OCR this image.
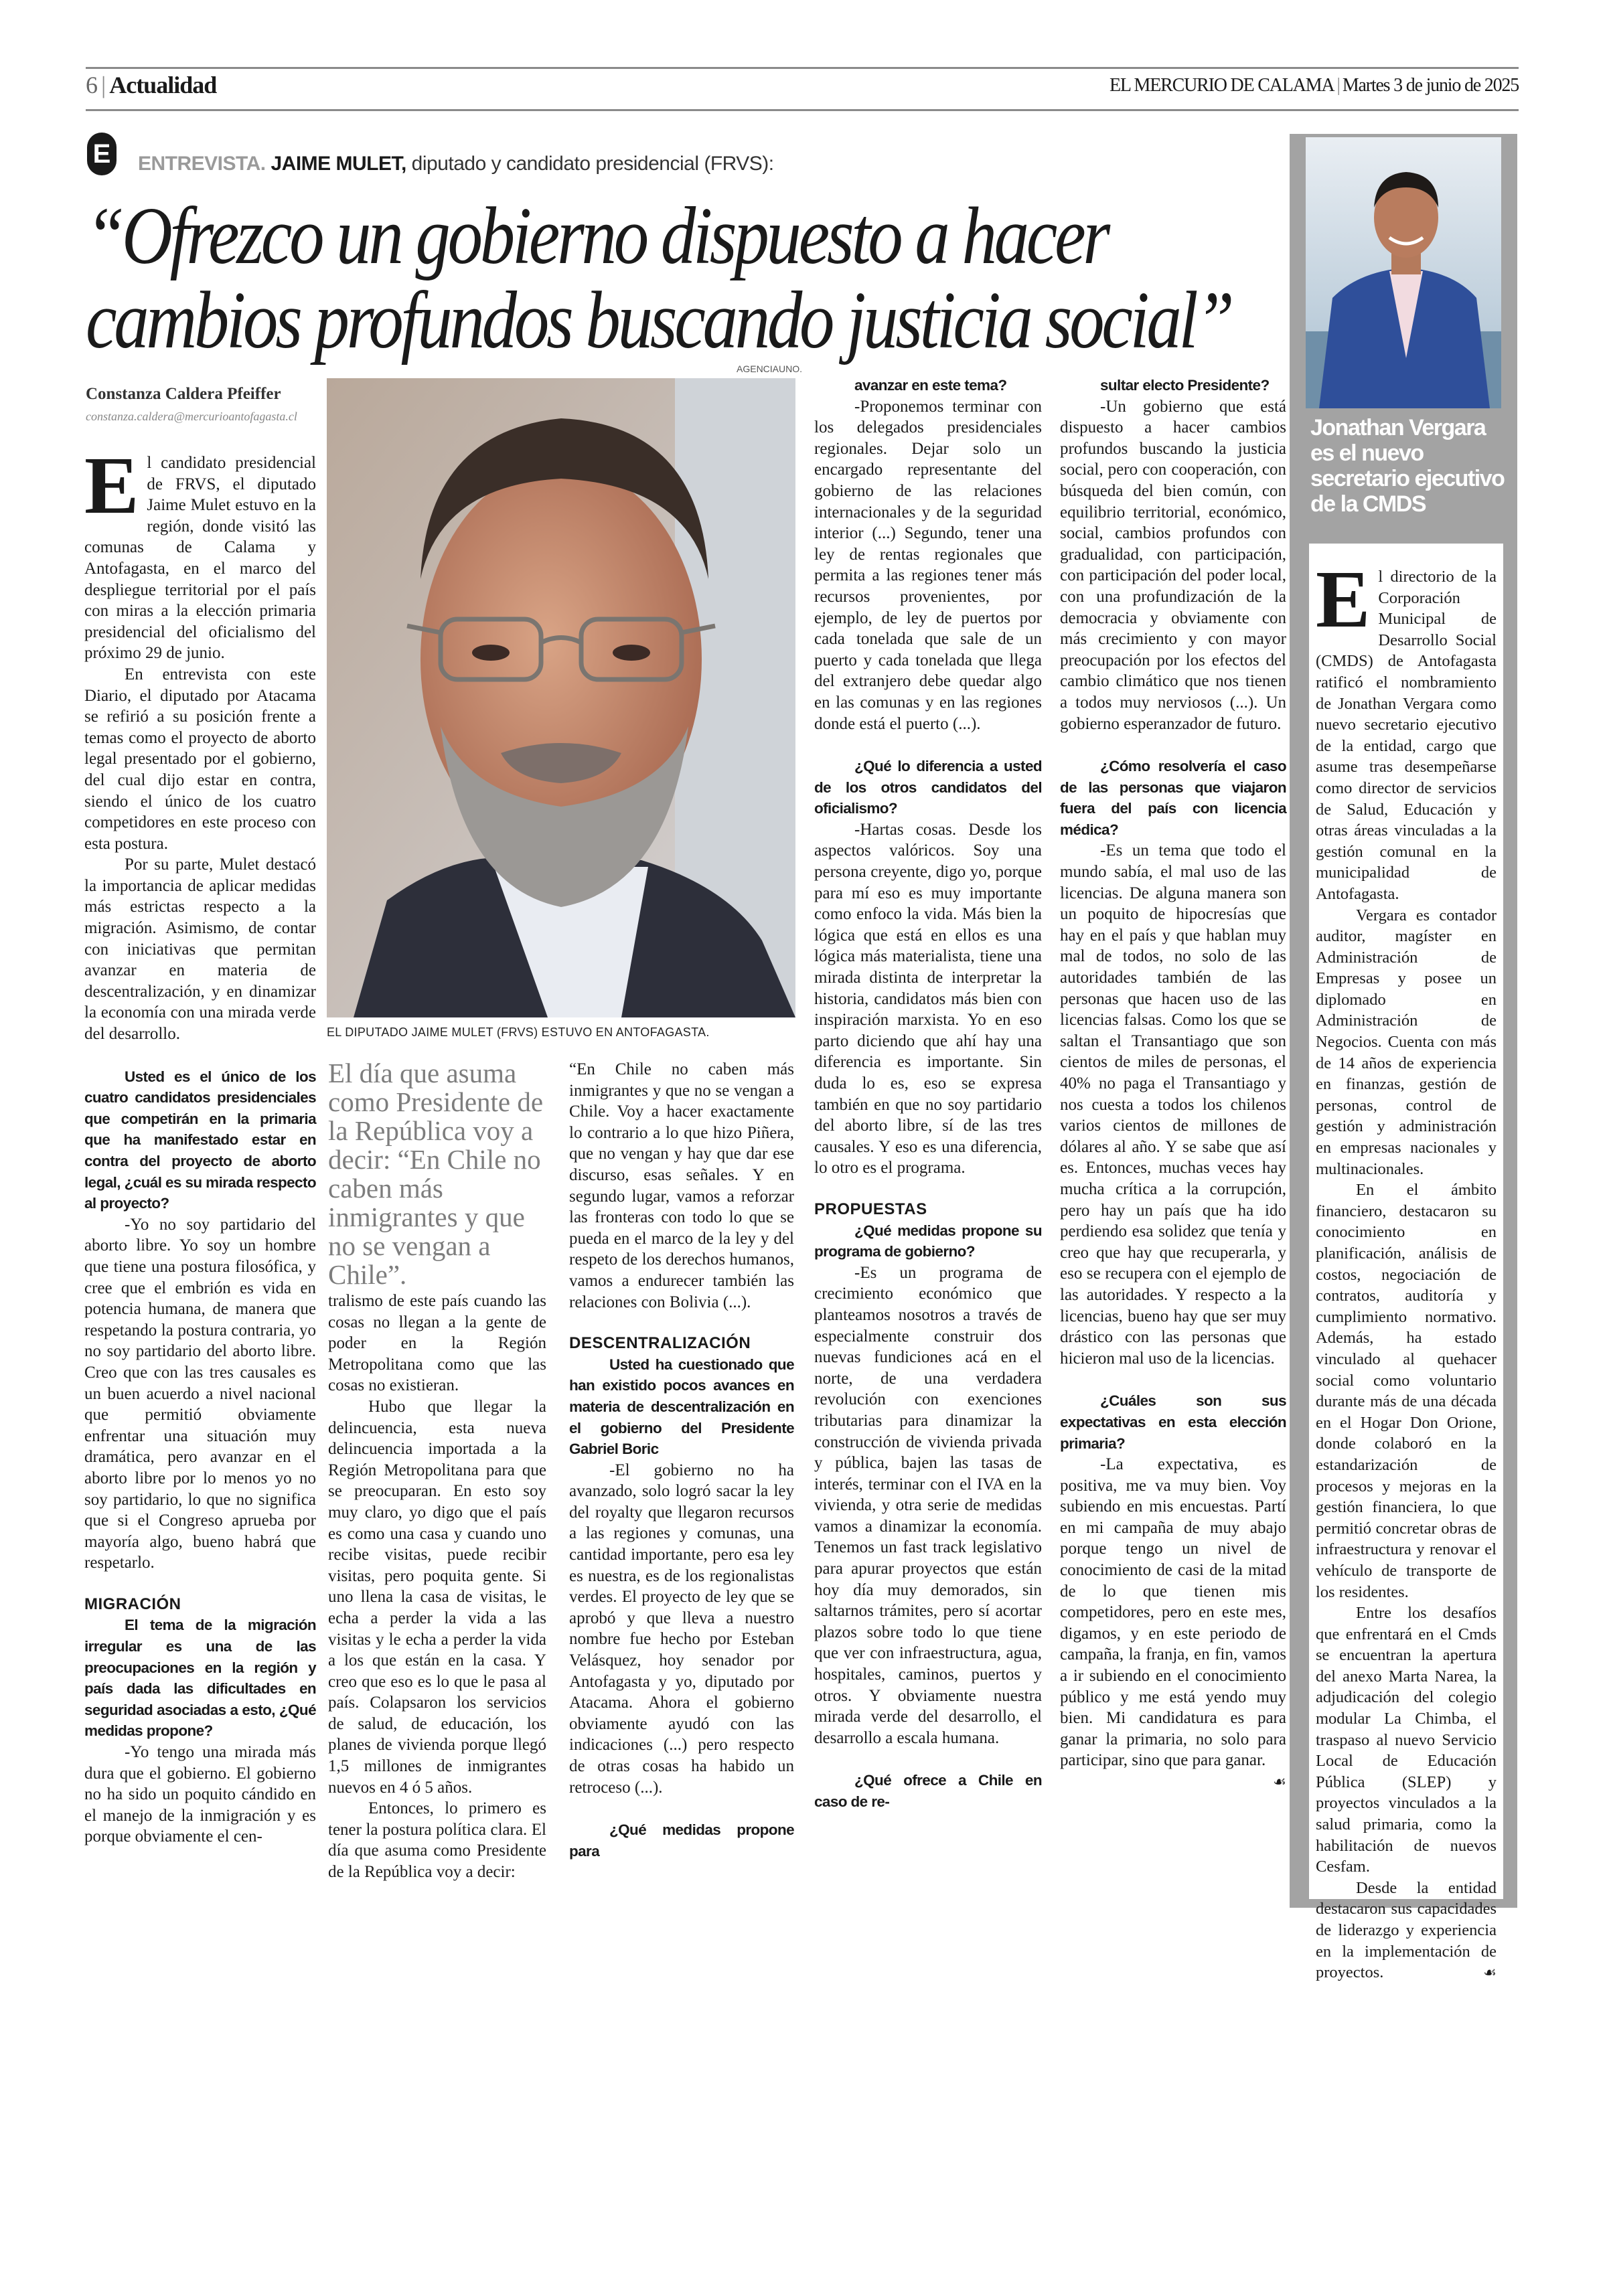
6 | Actualidad	EL MERCURIO DE CALAMA | Martes 3 de junio de 2025
E ENTREVISTA. JAIME MULET, diputado y candidato presidencial (FRVS):
“Ofrezco un gobierno dispuesto a hacer
cambios profundos buscando justicia social”
Constanza Caldera Pfeiffer
constanza.caldera@mercurioantofagasta.cl

El candidato presidencial de FRVS, el diputado Jaime Mulet estuvo en la región, donde visitó las comunas de Calama y Antofagasta, en el marco del despliegue territorial por el país con miras a la elección primaria presidencial del oficialismo del próximo 29 de junio.

En entrevista con este Diario, el diputado por Atacama se refirió a su posición frente a temas como el proyecto de aborto legal presentado por el gobierno, del cual dijo estar en contra, siendo el único de los cuatro competidores en este proceso con esta postura.

Por su parte, Mulet destacó la importancia de aplicar medidas más estrictas respecto a la migración. Asimismo, de contar con iniciativas que permitan avanzar en materia de descentralización, y en dinamizar la economía con una mirada verde del desarrollo.

Usted es el único de los cuatro candidatos presidenciales que competirán en la primaria que ha manifestado estar en contra del proyecto de aborto legal, ¿cuál es su mirada respecto al proyecto?

-Yo no soy partidario del aborto libre. Yo soy un hombre que tiene una postura filosófica, y cree que el embrión es vida en potencia humana, de manera que respetando la postura contraria, yo no soy partidario del aborto libre. Creo que con las tres causales es un buen acuerdo a nivel nacional que permitió obviamente enfrentar una situación muy dramática, pero avanzar en el aborto libre por lo menos yo no soy partidario, lo que no significa que si el Congreso aprueba por mayoría algo, bueno habrá que respetarlo.

MIGRACIÓN

El tema de la migración irregular es una de las preocupaciones en la región y país dada las dificultades en seguridad asociadas a esto, ¿Qué medidas propone?

-Yo tengo una mirada más dura que el gobierno. El gobierno no ha sido un poquito cándido en el manejo de la inmigración y es porque obviamente el cen-

AGENCIAUNO.
EL DIPUTADO JAIME MULET (FRVS) ESTUVO EN ANTOFAGASTA.
El día que asuma como Presidente de la República voy a decir: “En Chile no caben más inmigrantes y que no se vengan a Chile”.

tralismo de este país cuando las cosas no llegan a la gente de poder en la Región Metropolitana como que las cosas no existieran.

Hubo que llegar la delincuencia, esta nueva delincuencia importada a la Región Metropolitana para que se preocuparan. En esto soy muy claro, yo digo que el país es como una casa y cuando uno recibe visitas, puede recibir visitas, pero poquita gente. Si uno llena la casa de visitas, le echa a perder la vida a las visitas y le echa a perder la vida a los que están en la casa. Y creo que eso es lo que le pasa al país. Colapsaron los servicios de salud, de educación, los planes de vivienda porque llegó 1,5 millones de inmigrantes nuevos en 4 ó 5 años.

Entonces, lo primero es tener la postura política clara. El día que asuma como Presidente de la República voy a decir:

“En Chile no caben más inmigrantes y que no se vengan a Chile. Voy a hacer exactamente lo contrario a lo que hizo Piñera, que no vengan y hay que dar ese discurso, esas señales. Y en segundo lugar, vamos a reforzar las fronteras con todo lo que se pueda en el marco de la ley y del respeto de los derechos humanos, vamos a endurecer también las relaciones con Bolivia (...).

DESCENTRALIZACIÓN

Usted ha cuestionado que han existido pocos avances en materia de descentralización en el gobierno del Presidente Gabriel Boric

-El gobierno no ha avanzado, solo logró sacar la ley del royalty que llegaron recursos a las regiones y comunas, una cantidad importante, pero esa ley es nuestra, es de los regionalistas verdes. El proyecto de ley que se aprobó y que lleva a nuestro nombre fue hecho por Esteban Velásquez, hoy senador por Antofagasta y yo, diputado por Atacama. Ahora el gobierno obviamente ayudó con las indicaciones (...) pero respecto de otras cosas ha habido un retroceso (...).

¿Qué medidas propone para

avanzar en este tema?

-Proponemos terminar con los delegados presidenciales regionales. Dejar solo un encargado representante del gobierno de las relaciones internacionales y de la seguridad interior (...) Segundo, tener una ley de rentas regionales que permita a las regiones tener más recursos provenientes, por ejemplo, de ley de puertos por cada tonelada que sale de un puerto y cada tonelada que llega del extranjero debe quedar algo en las comunas y en las regiones donde está el puerto (...).

¿Qué lo diferencia a usted de los otros candidatos del oficialismo?

-Hartas cosas. Desde los aspectos valóricos. Soy una persona creyente, digo yo, porque para mí eso es muy importante como enfoco la vida. Más bien la lógica que está en ellos es una lógica más materialista, tiene una mirada distinta de interpretar la historia, candidatos más bien con inspiración marxista. Yo en eso parto diciendo que ahí hay una diferencia es importante. Sin duda lo es, eso se expresa también en que no soy partidario del aborto libre, sí de las tres causales. Y eso es una diferencia, lo otro es el programa.

PROPUESTAS

¿Qué medidas propone su programa de gobierno?

-Es un programa de crecimiento económico que planteamos nosotros a través de especialmente construir dos nuevas fundiciones acá en el norte, de una verdadera revolución con exenciones tributarias para dinamizar la construcción de vivienda privada y pública, bajen las tasas de interés, terminar con el IVA en la vivienda, y otra serie de medidas vamos a dinamizar la economía. Tenemos un fast track legislativo para apurar proyectos que están hoy día muy demorados, sin saltarnos trámites, pero sí acortar plazos sobre todo lo que tiene que ver con infraestructura, agua, hospitales, caminos, puertos y otros. Y obviamente nuestra mirada verde del desarrollo, el desarrollo a escala humana.

¿Qué ofrece a Chile en caso de re-

sultar electo Presidente?

-Un gobierno que está dispuesto a hacer cambios profundos buscando la justicia social, pero con cooperación, con búsqueda del bien común, con equilibrio territorial, económico, social, cambios profundos con gradualidad, con participación, con participación del poder local, con una profundización de la democracia y obviamente con más crecimiento y con mayor preocupación por los efectos del cambio climático que nos tienen a todos muy nerviosos (...). Un gobierno esperanzador de futuro.

¿Cómo resolvería el caso de las personas que viajaron fuera del país con licencia médica?

-Es un tema que todo el mundo sabía, el mal uso de las licencias. De alguna manera son un poquito de hipocresías que hay en el país y que hablan muy mal de todos, no solo de las autoridades también de las personas que hacen uso de las licencias falsas. Como los que se saltan el Transantiago que son cientos de miles de personas, el 40% no paga el Transantiago y nos cuesta a todos los chilenos varios cientos de millones de dólares al año. Y se sabe que así es. Entonces, muchas veces hay mucha crítica a la corrupción, pero hay un país que ha ido perdiendo esa solidez que tenía y creo que hay que recuperarla, y eso se recupera con el ejemplo de las autoridades. Y respecto a la licencias, bueno hay que ser muy drástico con las personas que hicieron mal uso de la licencias.

¿Cuáles son sus expectativas en esta elección primaria?

-La expectativa, es positiva, me va muy bien. Voy subiendo en mis encuestas. Partí en mi campaña de muy abajo porque tengo un nivel de conocimiento de casi de la mitad de lo que tienen mis competidores, pero en este mes, digamos, y en este periodo de campaña, la franja, en fin, vamos a ir subiendo en el conocimiento público y me está yendo muy bien. Mi candidatura es para ganar la primaria, no solo para participar, sino que para ganar.
☙

Jonathan Vergara es el nuevo secretario ejecutivo de la CMDS

El directorio de la Corporación Municipal de Desarrollo Social (CMDS) de Antofagasta ratificó el nombramiento de Jonathan Vergara como nuevo secretario ejecutivo de la entidad, cargo que asume tras desempeñarse como director de servicios de Salud, Educación y otras áreas vinculadas a la gestión comunal en la municipalidad de Antofagasta.

Vergara es contador auditor, magíster en Administración de Empresas y posee un diplomado en Administración de Negocios. Cuenta con más de 14 años de experiencia en finanzas, gestión de personas, control de gestión y administración en empresas nacionales y multinacionales.

En el ámbito financiero, destacaron su conocimiento en planificación, análisis de costos, negociación de contratos, auditoría y cumplimiento normativo. Además, ha estado vinculado al quehacer social como voluntario durante más de una década en el Hogar Don Orione, donde colaboró en la estandarización de procesos y mejoras en la gestión financiera, lo que permitió concretar obras de infraestructura y renovar el vehículo de transporte de los residentes.

Entre los desafíos que enfrentará en el Cmds se encuentran la apertura del anexo Marta Narea, la adjudicación del colegio modular La Chimba, el traspaso al nuevo Servicio Local de Educación Pública (SLEP) y proyectos vinculados a la salud primaria, como la habilitación de nuevos Cesfam.

Desde la entidad destacaron sus capacidades de liderazgo y experiencia en la implementación de proyectos.	☙
